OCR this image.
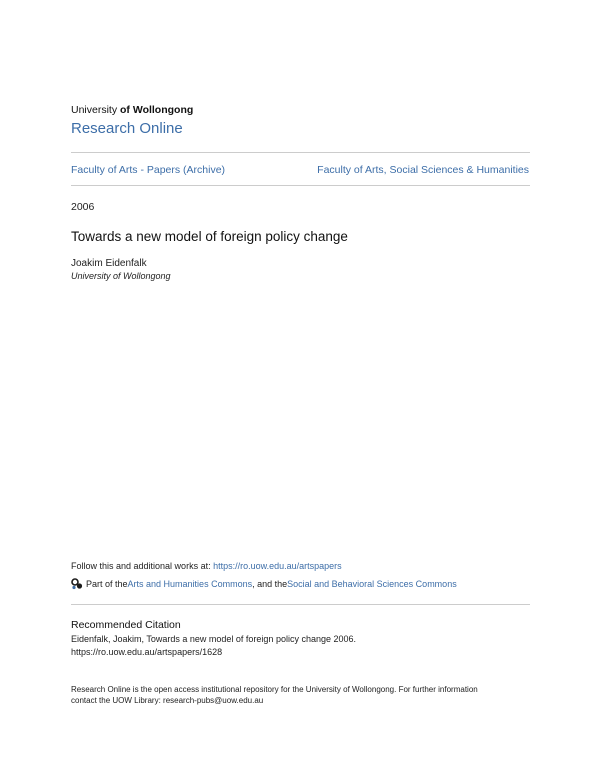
University of Wollongong
Research Online
Faculty of Arts - Papers (Archive)	Faculty of Arts, Social Sciences & Humanities
2006
Towards a new model of foreign policy change
Joakim Eidenfalk
University of Wollongong
Follow this and additional works at: https://ro.uow.edu.au/artspapers
Part of the Arts and Humanities Commons , and the Social and Behavioral Sciences Commons
Recommended Citation
Eidenfalk, Joakim, Towards a new model of foreign policy change 2006.
https://ro.uow.edu.au/artspapers/1628
Research Online is the open access institutional repository for the University of Wollongong. For further information
contact the UOW Library: research-pubs@uow.edu.au
